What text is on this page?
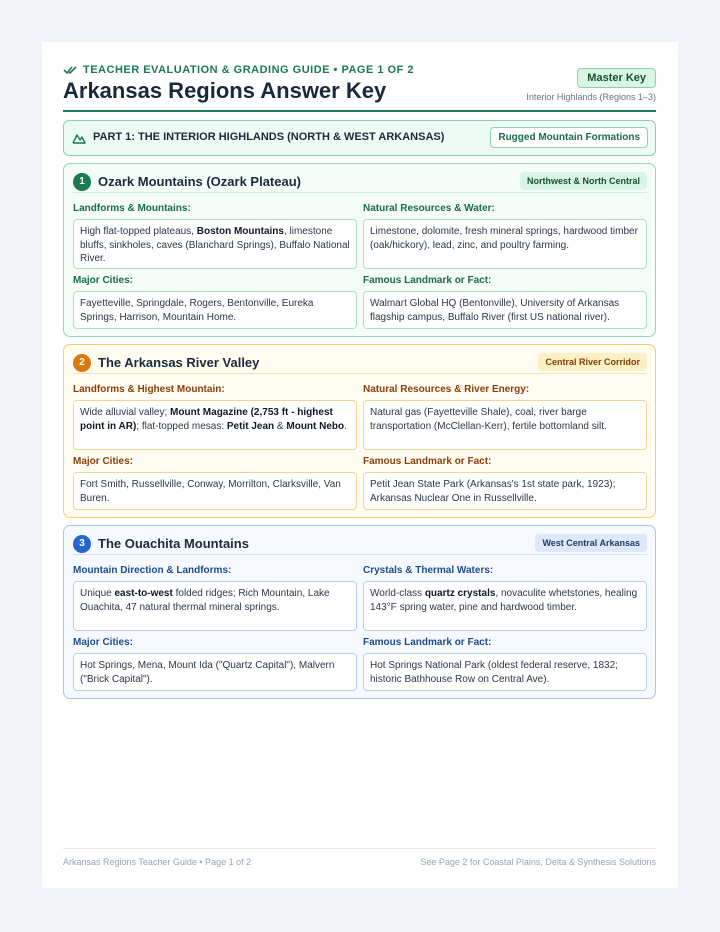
TEACHER EVALUATION & GRADING GUIDE • PAGE 1 OF 2
Arkansas Regions Answer Key	Master Key
Interior Highlands (Regions 1–3)
PART 1: THE INTERIOR HIGHLANDS (NORTH & WEST ARKANSAS)	Rugged Mountain Formations
1	Ozark Mountains (Ozark Plateau)	Northwest & North Central
Landforms & Mountains:
High flat-topped plateaus, Boston Mountains, limestone bluffs, sinkholes, caves (Blanchard Springs), Buffalo National River.
Natural Resources & Water:
Limestone, dolomite, fresh mineral springs, hardwood timber (oak/hickory), lead, zinc, and poultry farming.
Major Cities:
Fayetteville, Springdale, Rogers, Bentonville, Eureka Springs, Harrison, Mountain Home.
Famous Landmark or Fact:
Walmart Global HQ (Bentonville), University of Arkansas flagship campus, Buffalo River (first US national river).
2	The Arkansas River Valley	Central River Corridor
Landforms & Highest Mountain:
Wide alluvial valley; Mount Magazine (2,753 ft - highest point in AR); flat-topped mesas: Petit Jean & Mount Nebo.
Natural Resources & River Energy:
Natural gas (Fayetteville Shale), coal, river barge transportation (McClellan-Kerr), fertile bottomland silt.
Major Cities:
Fort Smith, Russellville, Conway, Morrilton, Clarksville, Van Buren.
Famous Landmark or Fact:
Petit Jean State Park (Arkansas's 1st state park, 1923); Arkansas Nuclear One in Russellville.
3	The Ouachita Mountains	West Central Arkansas
Mountain Direction & Landforms:
Unique east-to-west folded ridges; Rich Mountain, Lake Ouachita, 47 natural thermal mineral springs.
Crystals & Thermal Waters:
World-class quartz crystals, novaculite whetstones, healing 143°F spring water, pine and hardwood timber.
Major Cities:
Hot Springs, Mena, Mount Ida ("Quartz Capital"), Malvern ("Brick Capital").
Famous Landmark or Fact:
Hot Springs National Park (oldest federal reserve, 1832; historic Bathhouse Row on Central Ave).
Arkansas Regions Teacher Guide • Page 1 of 2	See Page 2 for Coastal Plains, Delta & Synthesis Solutions
